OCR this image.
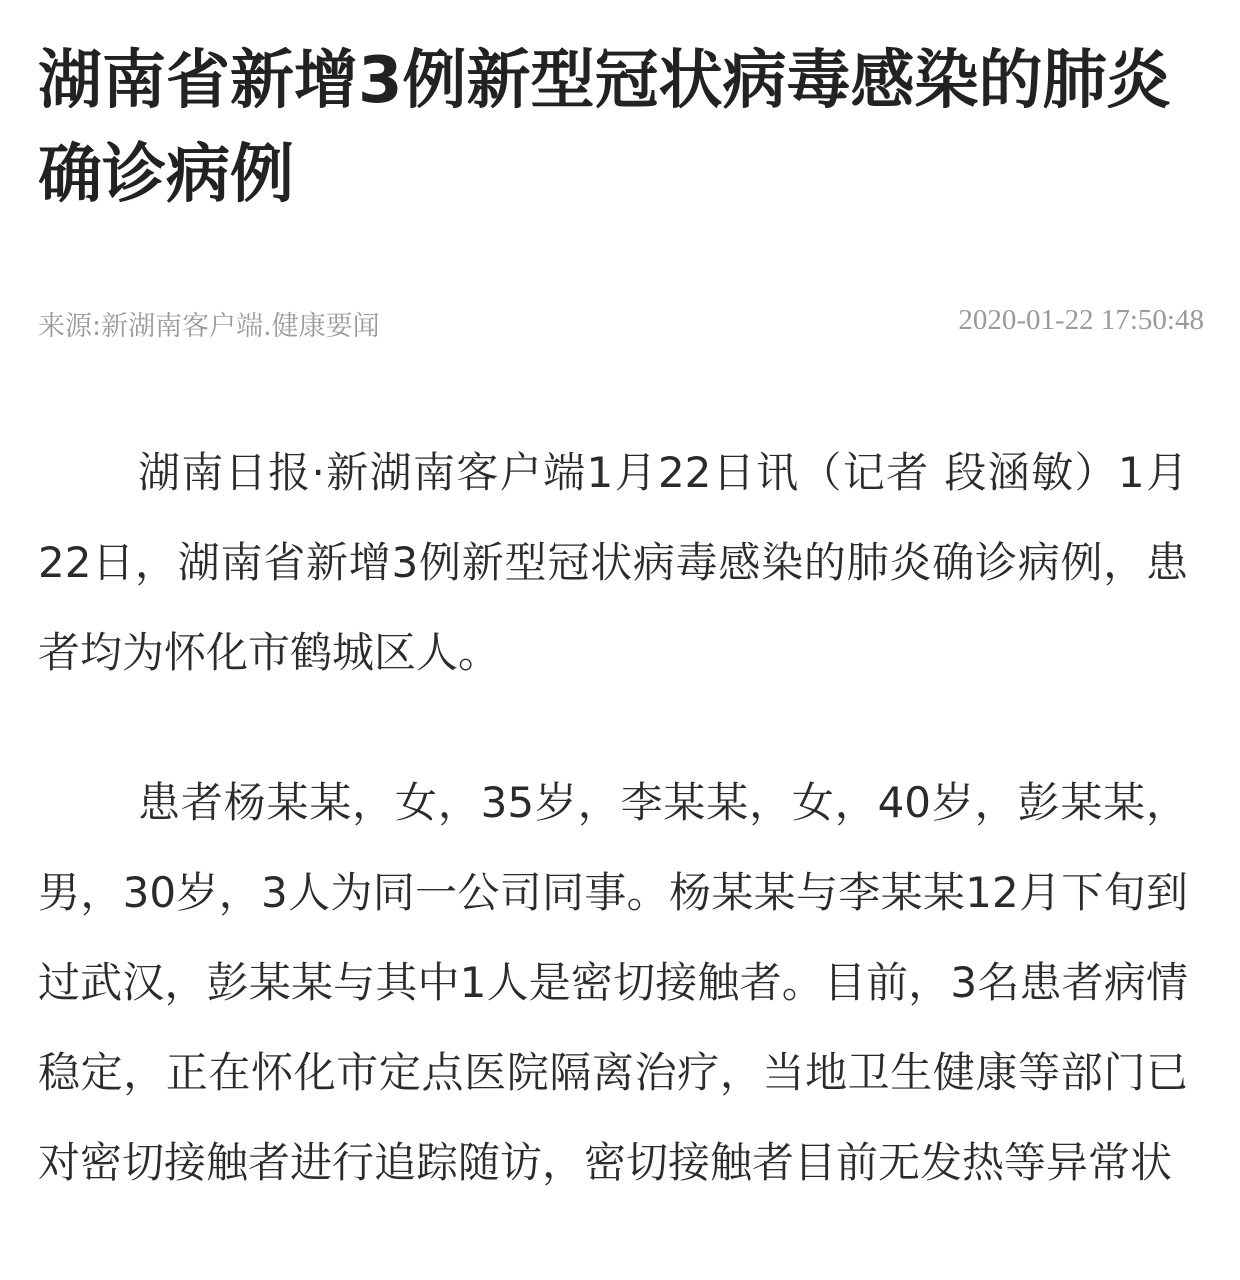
湖南省新增3例新型冠状病毒感染的肺炎确诊病例
来源:新湖南客户端.健康要闻	2020-01-22 17:50:48

湖南日报·新湖南客户端1月22日讯（记者 段涵敏）1月22日，湖南省新增3例新型冠状病毒感染的肺炎确诊病例，患者均为怀化市鹤城区人。

患者杨某某，女，35岁，李某某，女，40岁，彭某某，男，30岁，3人为同一公司同事。杨某某与李某某12月下旬到过武汉，彭某某与其中1人是密切接触者。目前，3名患者病情稳定，正在怀化市定点医院隔离治疗，当地卫生健康等部门已对密切接触者进行追踪随访，密切接触者目前无发热等异常状
